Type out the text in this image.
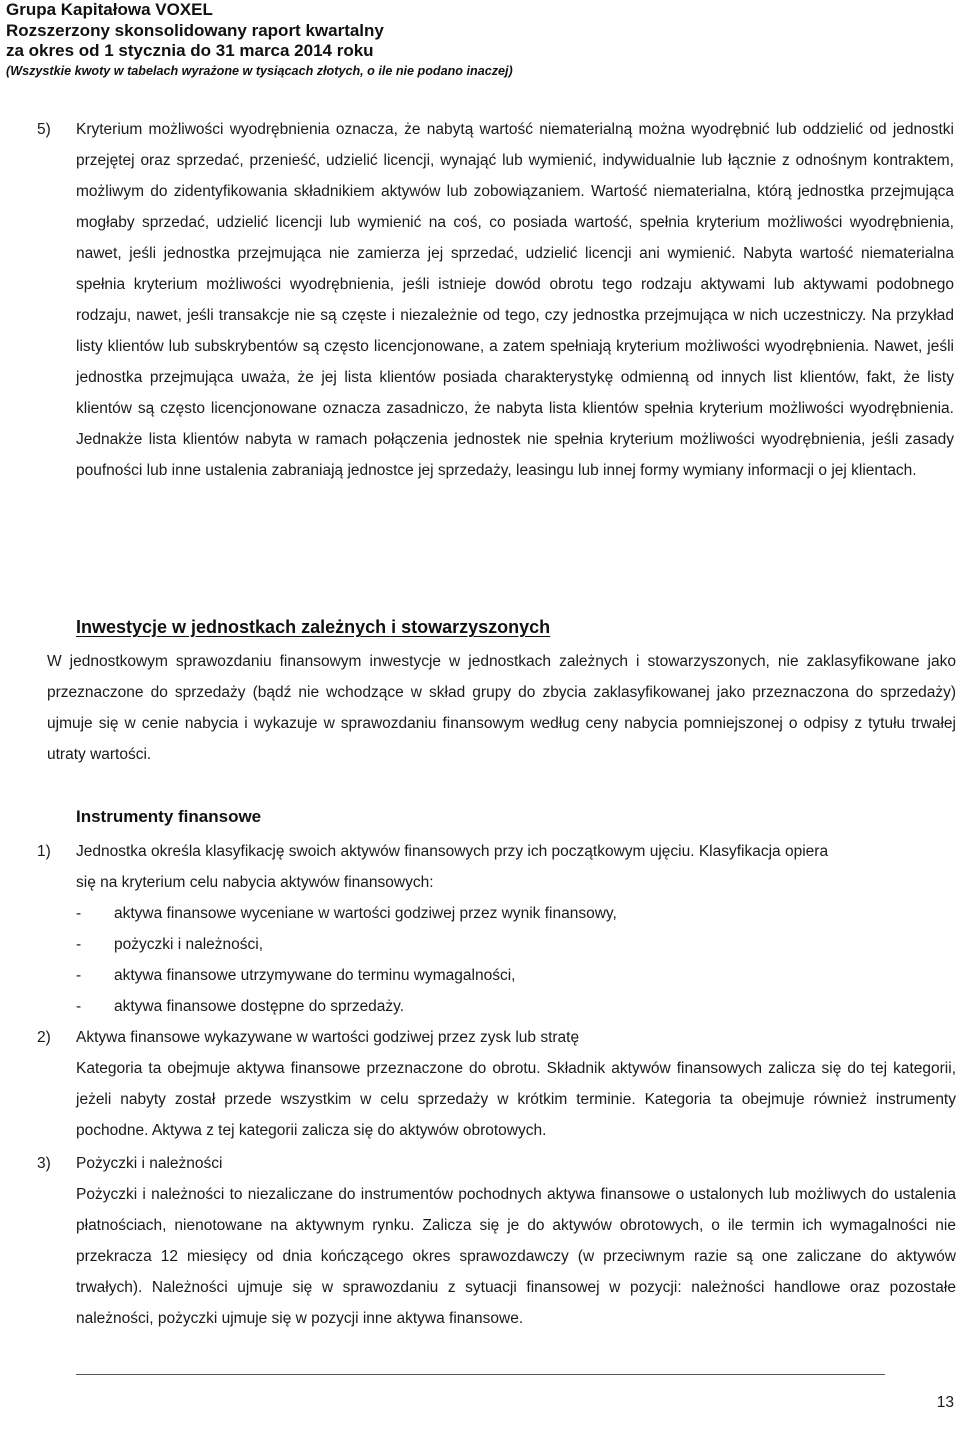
Grupa Kapitałowa VOXEL
Rozszerzony skonsolidowany raport kwartalny
za okres od 1 stycznia do 31 marca 2014 roku
(Wszystkie kwoty w tabelach wyrażone w tysiącach złotych, o ile nie podano inaczej)
5) Kryterium możliwości wyodrębnienia oznacza, że nabytą wartość niematerialną można wyodrębnić lub oddzielić od jednostki przejętej oraz sprzedać, przenieść, udzielić licencji, wynająć lub wymienić, indywidualnie lub łącznie z odnośnym kontraktem, możliwym do zidentyfikowania składnikiem aktywów lub zobowiązaniem. Wartość niematerialna, którą jednostka przejmująca mogłaby sprzedać, udzielić licencji lub wymienić na coś, co posiada wartość, spełnia kryterium możliwości wyodrębnienia, nawet, jeśli jednostka przejmująca nie zamierza jej sprzedać, udzielić licencji ani wymienić. Nabyta wartość niematerialna spełnia kryterium możliwości wyodrębnienia, jeśli istnieje dowód obrotu tego rodzaju aktywami lub aktywami podobnego rodzaju, nawet, jeśli transakcje nie są częste i niezależnie od tego, czy jednostka przejmująca w nich uczestniczy. Na przykład listy klientów lub subskrybentów są często licencjonowane, a zatem spełniają kryterium możliwości wyodrębnienia. Nawet, jeśli jednostka przejmująca uważa, że jej lista klientów posiada charakterystykę odmienną od innych list klientów, fakt, że listy klientów są często licencjonowane oznacza zasadniczo, że nabyta lista klientów spełnia kryterium możliwości wyodrębnienia. Jednakże lista klientów nabyta w ramach połączenia jednostek nie spełnia kryterium możliwości wyodrębnienia, jeśli zasady poufności lub inne ustalenia zabraniają jednostce jej sprzedaży, leasingu lub innej formy wymiany informacji o jej klientach.
Inwestycje w jednostkach zależnych i stowarzyszonych
W jednostkowym sprawozdaniu finansowym inwestycje w jednostkach zależnych i stowarzyszonych, nie zaklasyfikowane jako przeznaczone do sprzedaży (bądź nie wchodzące w skład grupy do zbycia zaklasyfikowanej jako przeznaczona do sprzedaży) ujmuje się w cenie nabycia i wykazuje w sprawozdaniu finansowym według ceny nabycia pomniejszonej o odpisy z tytułu trwałej utraty wartości.
Instrumenty finansowe
1) Jednostka określa klasyfikację swoich aktywów finansowych przy ich początkowym ujęciu. Klasyfikacja opiera
się na kryterium celu nabycia aktywów finansowych:
- aktywa finansowe wyceniane w wartości godziwej przez wynik finansowy,
- pożyczki i należności,
- aktywa finansowe utrzymywane do terminu wymagalności,
- aktywa finansowe dostępne do sprzedaży.
2) Aktywa finansowe wykazywane w wartości godziwej przez zysk lub stratę
Kategoria ta obejmuje aktywa finansowe przeznaczone do obrotu. Składnik aktywów finansowych zalicza się do tej kategorii, jeżeli nabyty został przede wszystkim w celu sprzedaży w krótkim terminie. Kategoria ta obejmuje również instrumenty pochodne. Aktywa z tej kategorii zalicza się do aktywów obrotowych.
3) Pożyczki i należności
Pożyczki i należności to niezaliczane do instrumentów pochodnych aktywa finansowe o ustalonych lub możliwych do ustalenia płatnościach, nienotowane na aktywnym rynku. Zalicza się je do aktywów obrotowych, o ile termin ich wymagalności nie przekracza 12 miesięcy od dnia kończącego okres sprawozdawczy (w przeciwnym razie są one zaliczane do aktywów trwałych). Należności ujmuje się w sprawozdaniu z sytuacji finansowej w pozycji: należności handlowe oraz pozostałe należności, pożyczki ujmuje się w pozycji inne aktywa finansowe.
13
